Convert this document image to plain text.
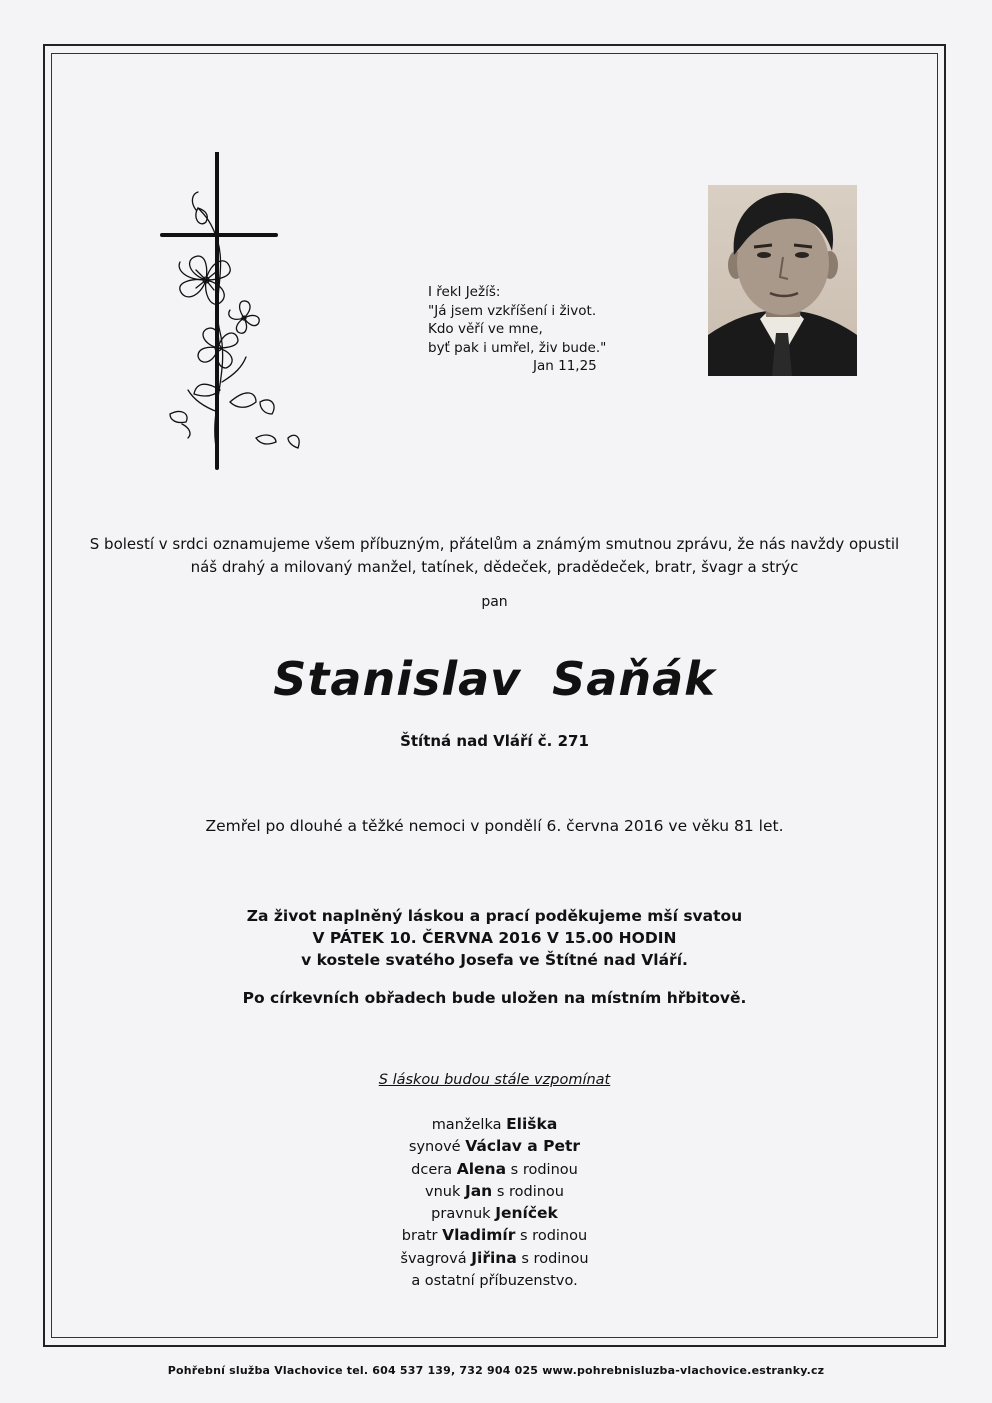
I řekl Ježíš:
"Já jsem vzkříšení i život.
Kdo věří ve mne,
byť pak i umřel, živ bude."
Jan 11,25
S bolestí v srdci oznamujeme všem příbuzným, přátelům a známým smutnou zprávu, že nás navždy opustil
náš drahý a milovaný manžel, tatínek, dědeček, pradědeček, bratr, švagr a strýc
pan
Stanislav Saňák
Štítná nad Vláří č. 271
Zemřel po dlouhé a těžké nemoci v pondělí 6. června 2016 ve věku 81 let.
Za život naplněný láskou a prací poděkujeme mší svatou
V PÁTEK 10. ČERVNA 2016 V 15.00 HODIN
v kostele svatého Josefa ve Štítné nad Vláří.
Po církevních obřadech bude uložen na místním hřbitově.
S láskou budou stále vzpomínat
manželka Eliška
synové Václav a Petr
dcera Alena s rodinou
vnuk Jan s rodinou
pravnuk Jeníček
bratr Vladimír s rodinou
švagrová Jiřina s rodinou
a ostatní příbuzenstvo.
Pohřební služba Vlachovice tel. 604 537 139, 732 904 025 www.pohrebnisluzba-vlachovice.estranky.cz
